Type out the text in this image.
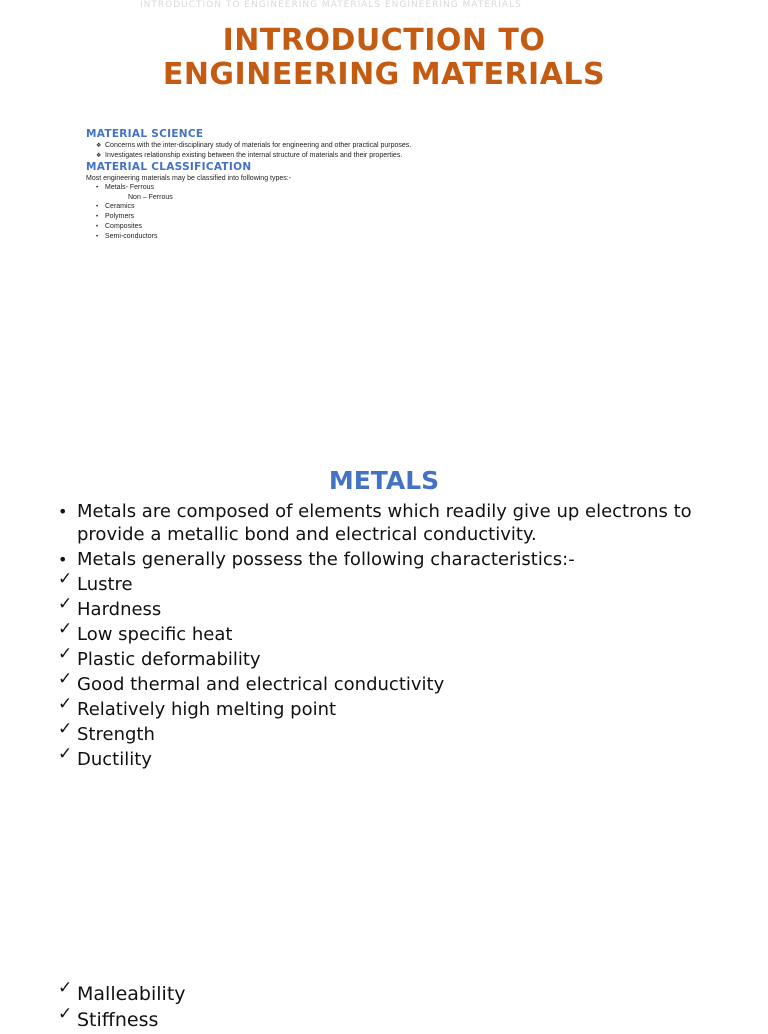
INTRODUCTION TO ENGINEERING MATERIALS ENGINEERING MATERIALS
INTRODUCTION TO
ENGINEERING MATERIALS
MATERIAL SCIENCE
❖ Concerns with the inter-disciplinary study of materials for engineering and other practical purposes.
❖ Investigates relationship existing between the internal structure of materials and their properties.
MATERIAL CLASSIFICATION
Most engineering materials may be classified into following types:-
• Metals- Ferrous
Non – Ferrous
• Ceramics
• Polymers
• Composites
• Semi-conductors
METALS
• Metals are composed of elements which readily give up electrons to provide a metallic bond and electrical conductivity.
• Metals generally possess the following characteristics:-
✓ Lustre
✓ Hardness
✓ Low specific heat
✓ Plastic deformability
✓ Good thermal and electrical conductivity
✓ Relatively high melting point
✓ Strength
✓ Ductility
✓ Malleability
✓ Stiffness
